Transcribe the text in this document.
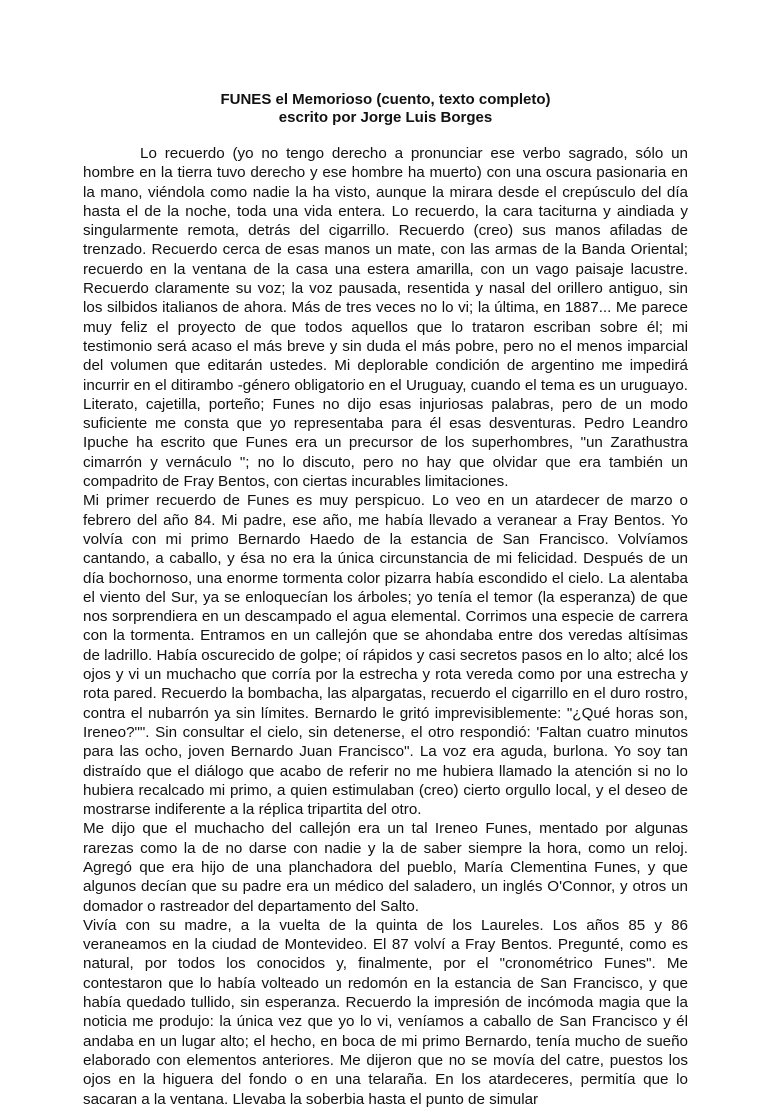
FUNES el Memorioso (cuento, texto completo)
escrito por Jorge Luis Borges

Lo recuerdo (yo no tengo derecho a pronunciar ese verbo sagrado, sólo un hombre en la tierra tuvo derecho y ese hombre ha muerto) con una oscura pasionaria en la mano, viéndola como nadie la ha visto, aunque la mirara desde el crepúsculo del día hasta el de la noche, toda una vida entera. Lo recuerdo, la cara taciturna y aindiada y singularmente remota, detrás del cigarrillo. Recuerdo (creo) sus manos afiladas de trenzado. Recuerdo cerca de esas manos un mate, con las armas de la Banda Oriental; recuerdo en la ventana de la casa una estera amarilla, con un vago paisaje lacustre. Recuerdo claramente su voz; la voz pausada, resentida y nasal del orillero antiguo, sin los silbidos italianos de ahora. Más de tres veces no lo vi; la última, en 1887... Me parece muy feliz el proyecto de que todos aquellos que lo trataron escriban sobre él; mi testimonio será acaso el más breve y sin duda el más pobre, pero no el menos imparcial del volumen que editarán ustedes. Mi deplorable condición de argentino me impedirá incurrir en el ditirambo -género obligatorio en el Uruguay, cuando el tema es un uruguayo. Literato, cajetilla, porteño; Funes no dijo esas injuriosas palabras, pero de un modo suficiente me consta que yo representaba para él esas desventuras. Pedro Leandro Ipuche ha escrito que Funes era un precursor de los superhombres, "un Zarathustra cimarrón y vernáculo "; no lo discuto, pero no hay que olvidar que era también un compadrito de Fray Bentos, con ciertas incurables limitaciones.

Mi primer recuerdo de Funes es muy perspicuo. Lo veo en un atardecer de marzo o febrero del año 84. Mi padre, ese año, me había llevado a veranear a Fray Bentos. Yo volvía con mi primo Bernardo Haedo de la estancia de San Francisco. Volvíamos cantando, a caballo, y ésa no era la única circunstancia de mi felicidad. Después de un día bochornoso, una enorme tormenta color pizarra había escondido el cielo. La alentaba el viento del Sur, ya se enloquecían los árboles; yo tenía el temor (la esperanza) de que nos sorprendiera en un descampado el agua elemental. Corrimos una especie de carrera con la tormenta. Entramos en un callejón que se ahondaba entre dos veredas altísimas de ladrillo. Había oscurecido de golpe; oí rápidos y casi secretos pasos en lo alto; alcé los ojos y vi un muchacho que corría por la estrecha y rota vereda como por una estrecha y rota pared. Recuerdo la bombacha, las alpargatas, recuerdo el cigarrillo en el duro rostro, contra el nubarrón ya sin límites. Bernardo le gritó imprevisiblemente: "¿Qué horas son, Ireneo?"". Sin consultar el cielo, sin detenerse, el otro respondió: 'Faltan cuatro minutos para las ocho, joven Bernardo Juan Francisco". La voz era aguda, burlona. Yo soy tan distraído que el diálogo que acabo de referir no me hubiera llamado la atención si no lo hubiera recalcado mi primo, a quien estimulaban (creo) cierto orgullo local, y el deseo de mostrarse indiferente a la réplica tripartita del otro.

Me dijo que el muchacho del callejón era un tal Ireneo Funes, mentado por algunas rarezas como la de no darse con nadie y la de saber siempre la hora, como un reloj. Agregó que era hijo de una planchadora del pueblo, María Clementina Funes, y que algunos decían que su padre era un médico del saladero, un inglés O'Connor, y otros un domador o rastreador del departamento del Salto.

Vivía con su madre, a la vuelta de la quinta de los Laureles. Los años 85 y 86 veraneamos en la ciudad de Montevideo. El 87 volví a Fray Bentos. Pregunté, como es natural, por todos los conocidos y, finalmente, por el "cronométrico Funes". Me contestaron que lo había volteado un redomón en la estancia de San Francisco, y que había quedado tullido, sin esperanza. Recuerdo la impresión de incómoda magia que la noticia me produjo: la única vez que yo lo vi, veníamos a caballo de San Francisco y él andaba en un lugar alto; el hecho, en boca de mi primo Bernardo, tenía mucho de sueño elaborado con elementos anteriores. Me dijeron que no se movía del catre, puestos los ojos en la higuera del fondo o en una telaraña. En los atardeceres, permitía que lo sacaran a la ventana. Llevaba la soberbia hasta el punto de simular
